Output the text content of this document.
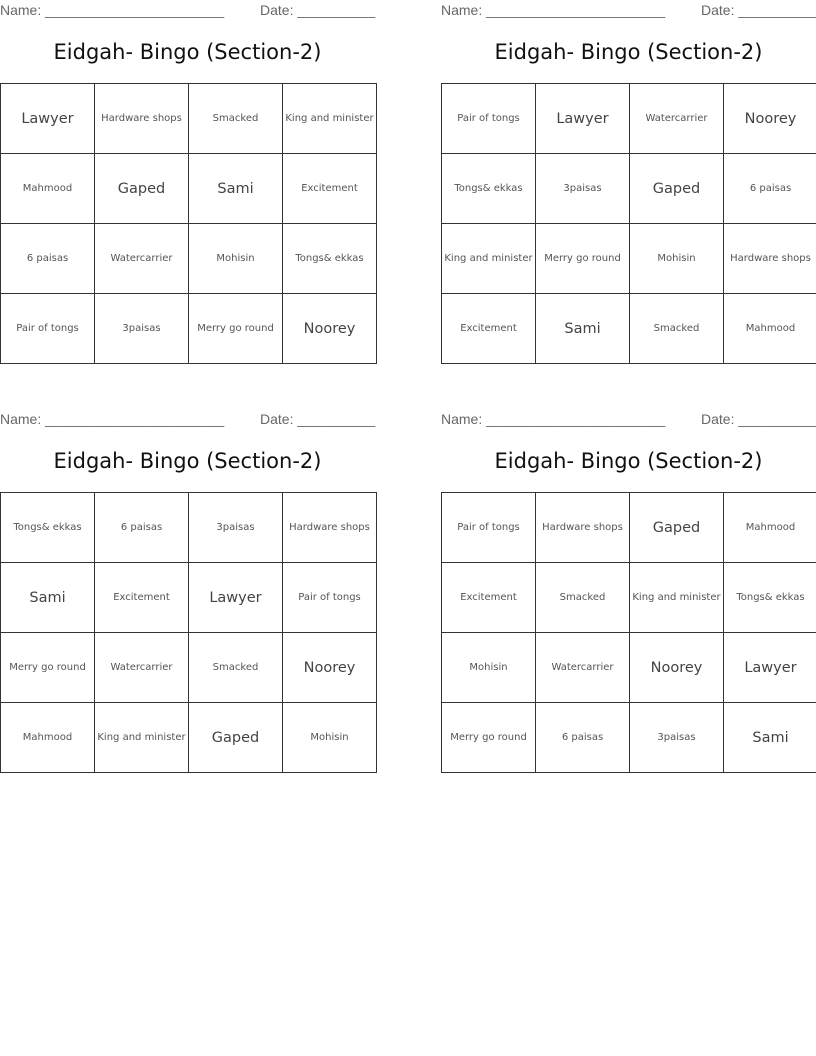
Name: _______________________	Date: __________
Eidgah- Bingo (Section-2)
Lawyer	Hardware shops	Smacked	King and minister
Mahmood	Gaped	Sami	Excitement
6 paisas	Watercarrier	Mohisin	Tongs& ekkas
Pair of tongs	3paisas	Merry go round	Noorey
Name: _______________________	Date: __________
Eidgah- Bingo (Section-2)
Pair of tongs	Lawyer	Watercarrier	Noorey
Tongs& ekkas	3paisas	Gaped	6 paisas
King and minister	Merry go round	Mohisin	Hardware shops
Excitement	Sami	Smacked	Mahmood
Name: _______________________	Date: __________
Eidgah- Bingo (Section-2)
Tongs& ekkas	6 paisas	3paisas	Hardware shops
Sami	Excitement	Lawyer	Pair of tongs
Merry go round	Watercarrier	Smacked	Noorey
Mahmood	King and minister	Gaped	Mohisin
Name: _______________________	Date: __________
Eidgah- Bingo (Section-2)
Pair of tongs	Hardware shops	Gaped	Mahmood
Excitement	Smacked	King and minister	Tongs& ekkas
Mohisin	Watercarrier	Noorey	Lawyer
Merry go round	6 paisas	3paisas	Sami
